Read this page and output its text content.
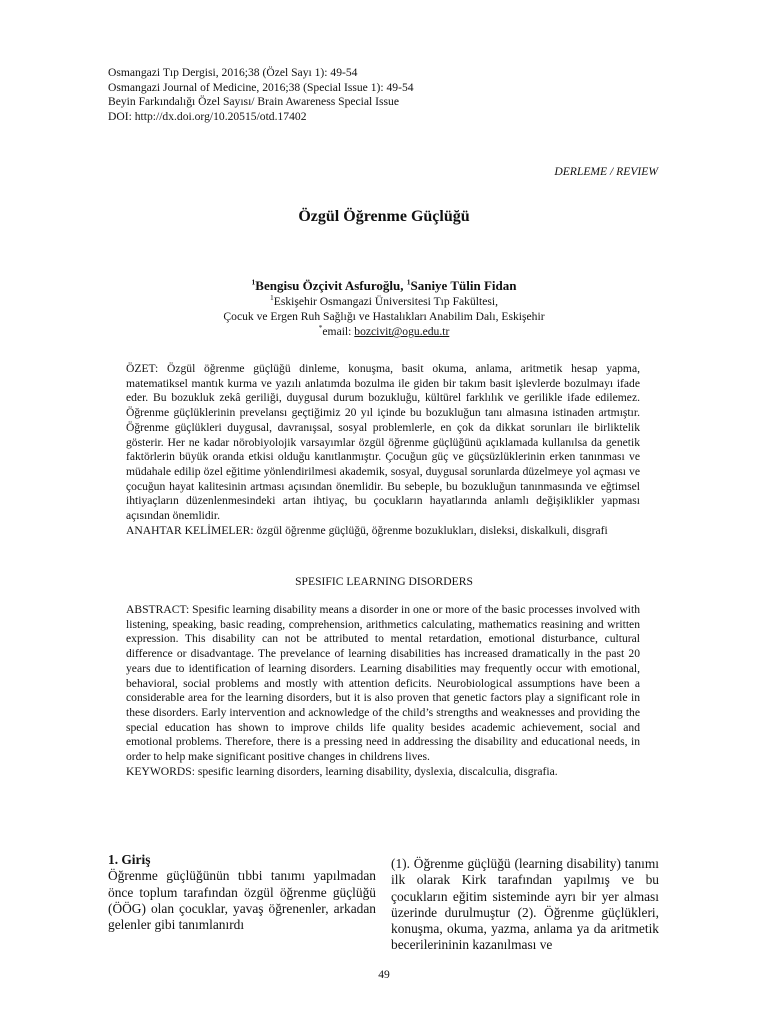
Osmangazi Tıp Dergisi, 2016;38 (Özel Sayı 1): 49-54
Osmangazi Journal of Medicine, 2016;38 (Special Issue 1): 49-54
Beyin Farkındalığı Özel Sayısı/ Brain Awareness Special Issue
DOI: http://dx.doi.org/10.20515/otd.17402
DERLEME / REVIEW
Özgül Öğrenme Güçlüğü
$^1$Bengisu Özçivit Asfuroğlu, $^1$Saniye Tülin Fidan
$^1$Eskişehir Osmangazi Üniversitesi Tıp Fakültesi,
Çocuk ve Ergen Ruh Sağlığı ve Hastalıkları Anabilim Dalı, Eskişehir
*email: bozcivit@ogu.edu.tr

ÖZET: Özgül öğrenme güçlüğü dinleme, konuşma, basit okuma, anlama, aritmetik hesap yapma, matematiksel mantık kurma ve yazılı anlatımda bozulma ile giden bir takım basit işlevlerde bozulmayı ifade eder. Bu bozukluk zekâ geriliği, duygusal durum bozukluğu, kültürel farklılık ve gerilikle ifade edilemez. Öğrenme güçlüklerinin prevelansı geçtiğimiz 20 yıl içinde bu bozukluğun tanı almasına istinaden artmıştır. Öğrenme güçlükleri duygusal, davranışsal, sosyal problemlerle, en çok da dikkat sorunları ile birliktelik gösterir. Her ne kadar nörobiyolojik varsayımlar özgül öğrenme güçlüğünü açıklamada kullanılsa da genetik faktörlerin büyük oranda etkisi olduğu kanıtlanmıştır. Çocuğun güç ve güçsüzlüklerinin erken tanınması ve müdahale edilip özel eğitime yönlendirilmesi akademik, sosyal, duygusal sorunlarda düzelmeye yol açması ve çocuğun hayat kalitesinin artması açısından önemlidir. Bu sebeple, bu bozukluğun tanınmasında ve eğtimsel ihtiyaçların düzenlenmesindeki artan ihtiyaç, bu çocukların hayatlarında anlamlı değişiklikler yapması açısından önemlidir.

ANAHTAR KELİMELER: özgül öğrenme güçlüğü, öğrenme bozuklukları, disleksi, diskalkuli, disgrafi

SPESIFIC LEARNING DISORDERS

ABSTRACT: Spesific learning disability means a disorder in one or more of the basic processes involved with listening, speaking, basic reading, comprehension, arithmetics calculating, mathematics reasining and written expression. This disability can not be attributed to mental retardation, emotional disturbance, cultural difference or disadvantage. The prevelance of learning disabilities has increased dramatically in the past 20 years due to identification of learning disorders. Learning disabilities may frequently occur with emotional, behavioral, social problems and mostly with attention deficits. Neurobiological assumptions have been a considerable area for the learning disorders, but it is also proven that genetic factors play a significant role in these disorders. Early intervention and acknowledge of the child’s strengths and weaknesses and providing the special education has shown to improve childs life quality besides academic achievement, social and emotional problems. Therefore, there is a pressing need in addressing the disability and educational needs, in order to help make significant positive changes in childrens lives.

KEYWORDS: spesific learning disorders, learning disability, dyslexia, discalculia, disgrafia.

1. Giriş

Öğrenme güçlüğünün tıbbi tanımı yapılmadan önce toplum tarafından özgül öğrenme güçlüğü (ÖÖG) olan çocuklar, yavaş öğrenenler, arkadan gelenler gibi tanımlanırdı

(1). Öğrenme güçlüğü (learning disability) tanımı ilk olarak Kirk tarafından yapılmış ve bu çocukların eğitim sisteminde ayrı bir yer alması üzerinde durulmuştur (2). Öğrenme güçlükleri, konuşma, okuma, yazma, anlama ya da aritmetik becerilerininin kazanılması ve

49
